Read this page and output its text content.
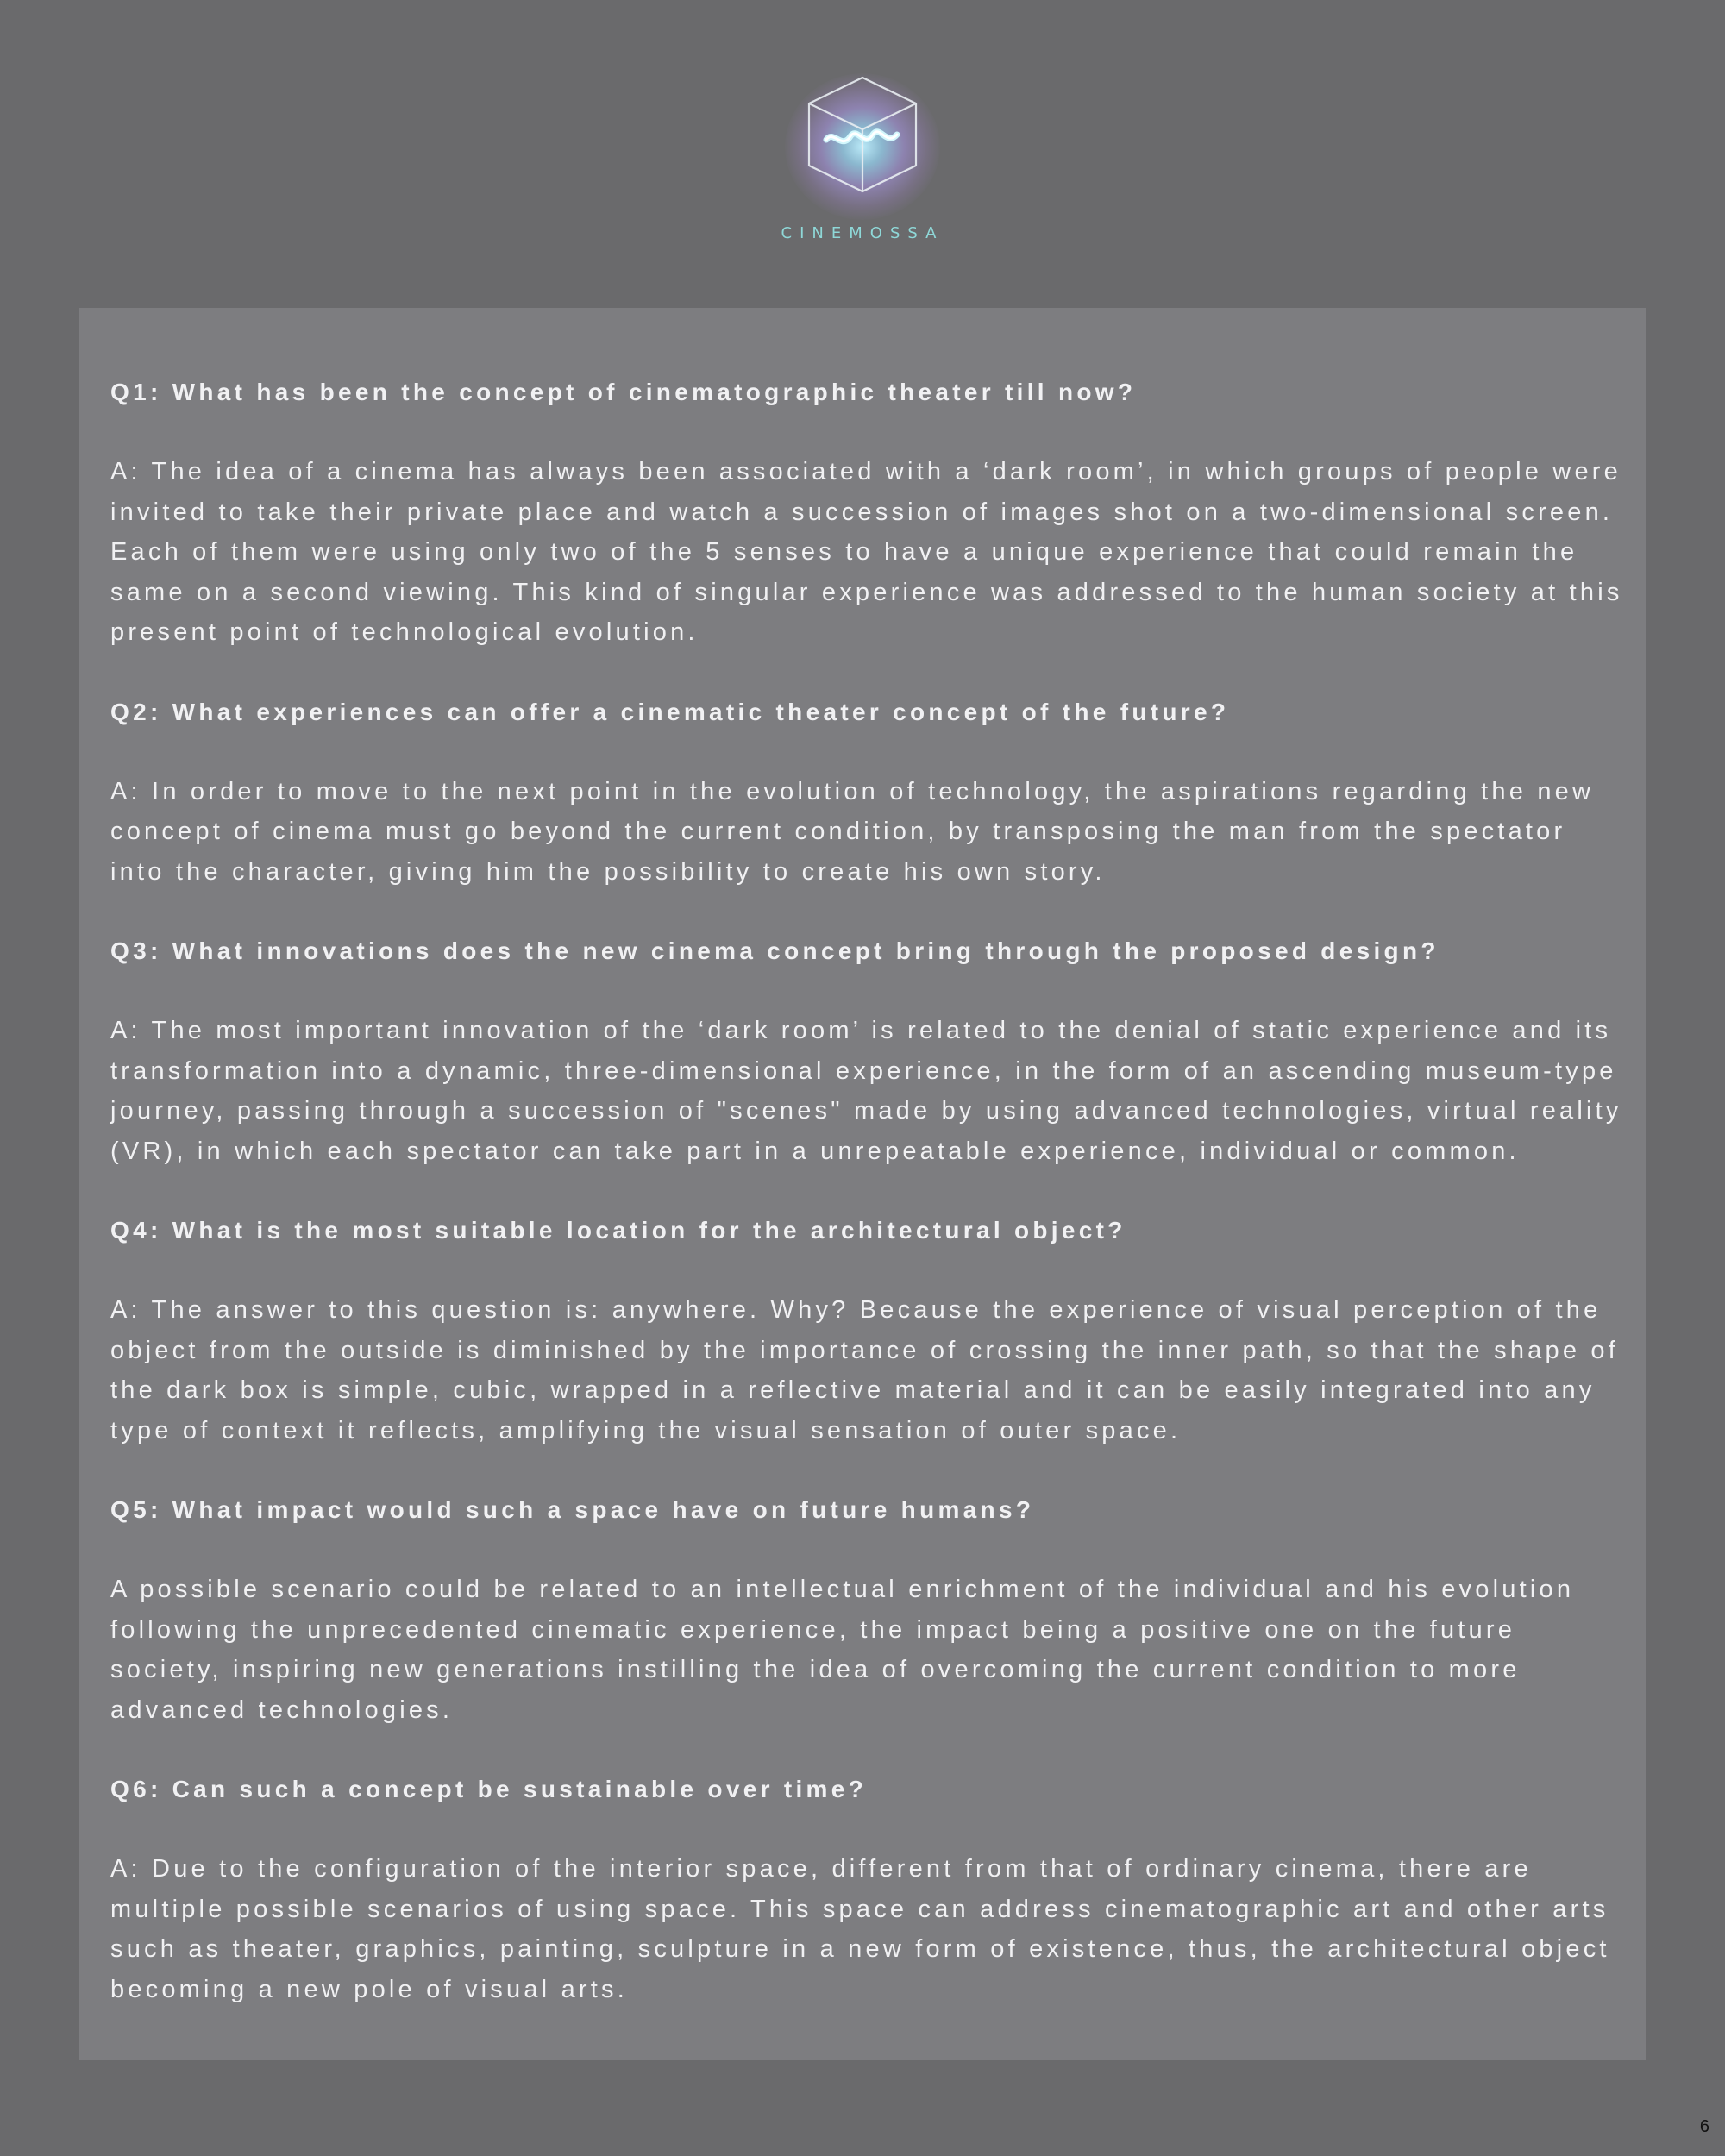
CINEMOSSA

Q1: What has been the concept of cinematographic theater till now?

A: The idea of a cinema has always been associated with a ‘dark room’, in which groups of people were invited to take their private place and watch a succession of images shot on a two-dimensional screen. Each of them were using only two of the 5 senses to have a unique experience that could remain the same on a second viewing. This kind of singular experience was addressed to the human society at this present point of technological evolution.

Q2: What experiences can offer a cinematic theater concept of the future?

A: In order to move to the next point in the evolution of technology, the aspirations regarding the new concept of cinema must go beyond the current condition, by transposing the man from the spectator into the character, giving him the possibility to create his own story.

Q3: What innovations does the new cinema concept bring through the proposed design?

A: The most important innovation of the ‘dark room’ is related to the denial of static experience and its transformation into a dynamic, three-dimensional experience, in the form of an ascending museum-type journey, passing through a succession of "scenes" made by using advanced technologies, virtual reality (VR), in which each spectator can take part in a unrepeatable experience, individual or common.

Q4: What is the most suitable location for the architectural object?

A: The answer to this question is: anywhere. Why? Because the experience of visual perception of the object from the outside is diminished by the importance of crossing the inner path, so that the shape of the dark box is simple, cubic, wrapped in a reflective material and it can be easily integrated into any type of context it reflects, amplifying the visual sensation of outer space.

Q5: What impact would such a space have on future humans?

A possible scenario could be related to an intellectual enrichment of the individual and his evolution following the unprecedented cinematic experience, the impact being a positive one on the future society, inspiring new generations instilling the idea of overcoming the current condition to more advanced technologies.

Q6: Can such a concept be sustainable over time?

A: Due to the configuration of the interior space, different from that of ordinary cinema, there are multiple possible scenarios of using space. This space can address cinematographic art and other arts such as theater, graphics, painting, sculpture in a new form of existence, thus, the architectural object becoming a new pole of visual arts.

6
